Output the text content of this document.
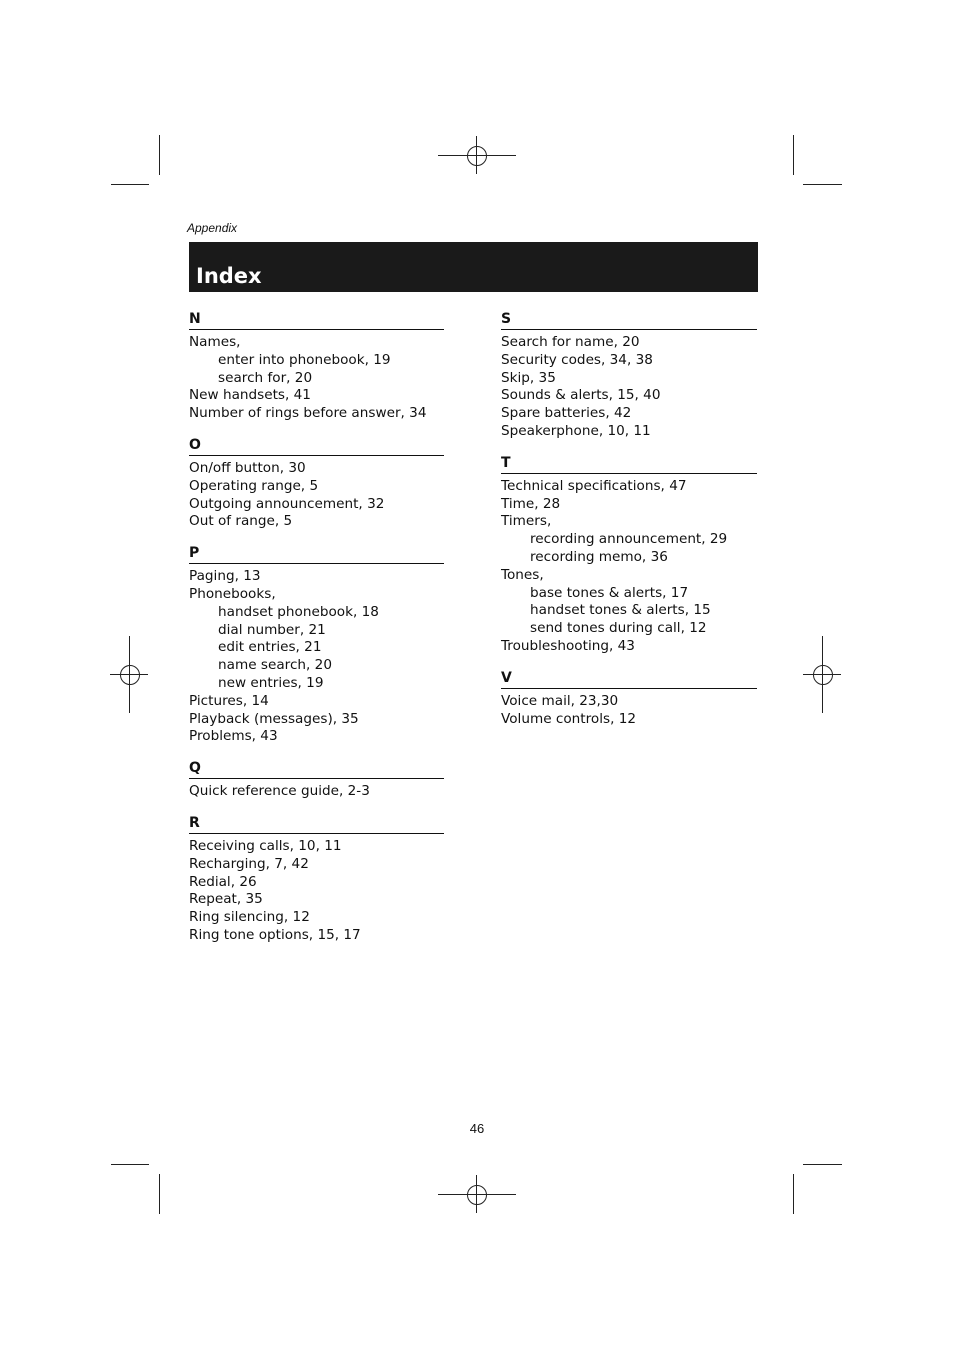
Appendix
Index
N
Names,
enter into phonebook, 19
search for, 20
New handsets, 41
Number of rings before answer, 34
O
On/off button, 30
Operating range, 5
Outgoing announcement, 32
Out of range, 5
P
Paging, 13
Phonebooks,
handset phonebook, 18
dial number, 21
edit entries, 21
name search, 20
new entries, 19
Pictures, 14
Playback (messages), 35
Problems, 43
Q
Quick reference guide, 2-3
R
Receiving calls, 10, 11
Recharging, 7, 42
Redial, 26
Repeat, 35
Ring silencing, 12
Ring tone options, 15, 17
S
Search for name, 20
Security codes, 34, 38
Skip, 35
Sounds & alerts, 15, 40
Spare batteries, 42
Speakerphone, 10, 11
T
Technical specifications, 47
Time, 28
Timers,
recording announcement, 29
recording memo, 36
Tones,
base tones & alerts, 17
handset tones & alerts, 15
send tones during call, 12
Troubleshooting, 43
V
Voice mail, 23,30
Volume controls, 12
46
